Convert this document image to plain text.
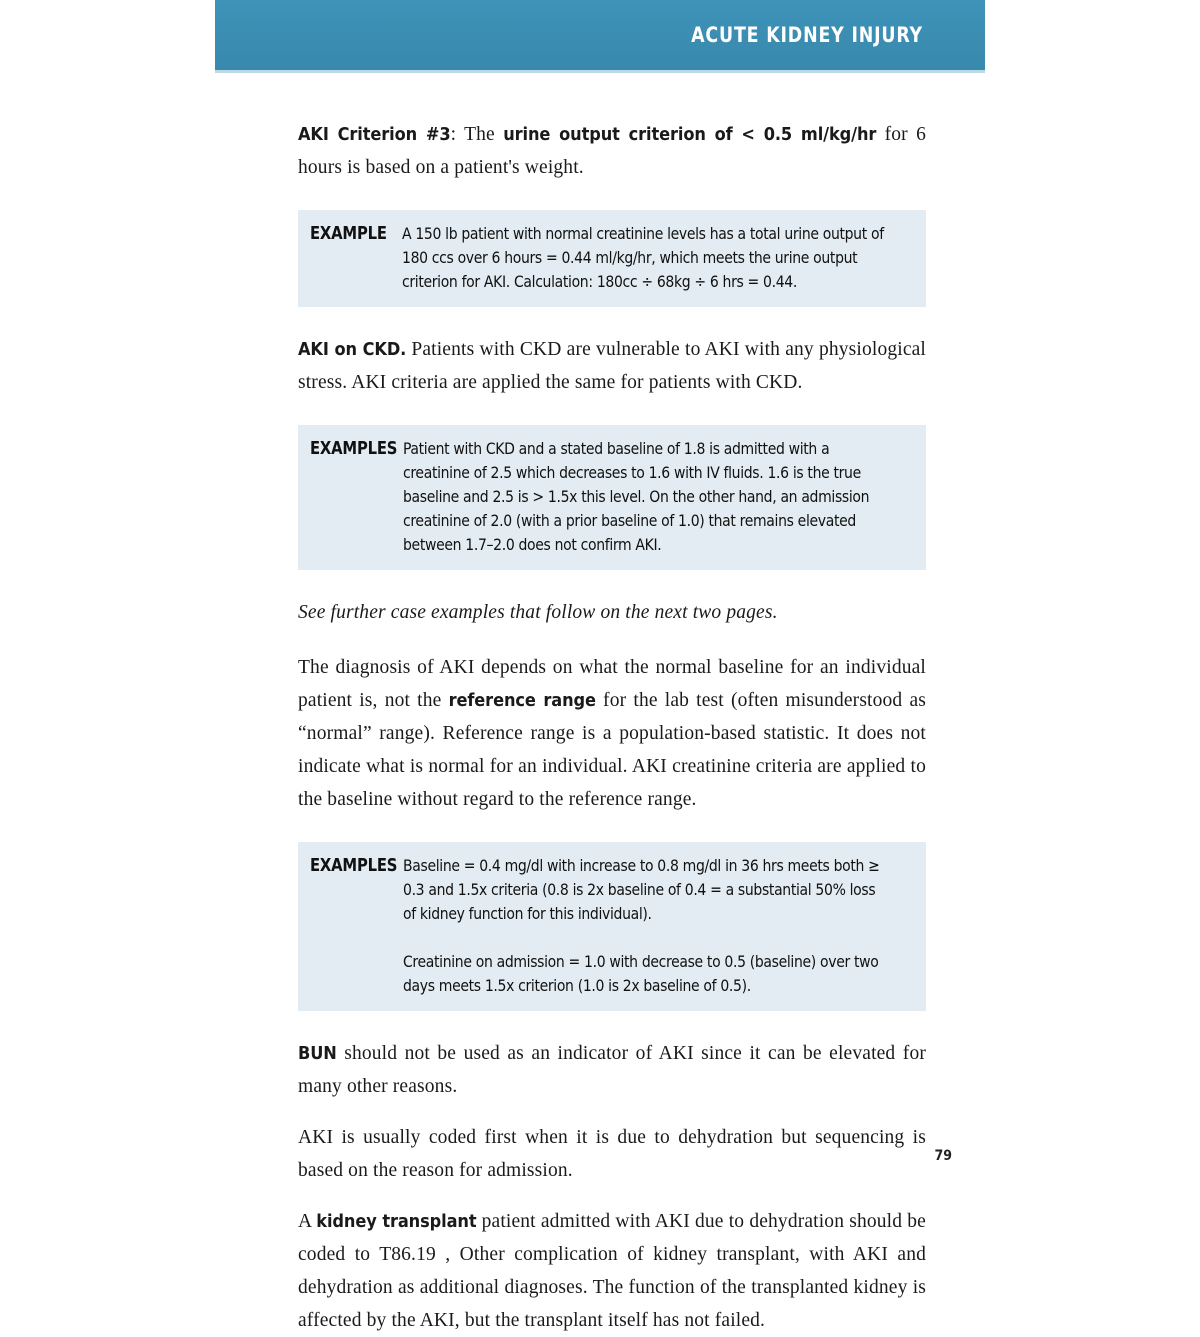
ACUTE KIDNEY INJURY

AKI Criterion #3: The urine output criterion of < 0.5 ml/kg/hr for 6 hours is based on a patient's weight.

EXAMPLE A 150 lb patient with normal creatinine levels has a total urine output of 180 ccs over 6 hours = 0.44 ml/kg/hr, which meets the urine output criterion for AKI. Calculation: 180cc ÷ 68kg ÷ 6 hrs = 0.44.

AKI on CKD. Patients with CKD are vulnerable to AKI with any physiological stress. AKI criteria are applied the same for patients with CKD.

EXAMPLES Patient with CKD and a stated baseline of 1.8 is admitted with a creatinine of 2.5 which decreases to 1.6 with IV fluids. 1.6 is the true baseline and 2.5 is > 1.5x this level. On the other hand, an admission creatinine of 2.0 (with a prior baseline of 1.0) that remains elevated between 1.7–2.0 does not confirm AKI.

See further case examples that follow on the next two pages.

The diagnosis of AKI depends on what the normal baseline for an individual patient is, not the reference range for the lab test (often misunderstood as “normal” range). Reference range is a population-based statistic. It does not indicate what is normal for an individual. AKI creatinine criteria are applied to the baseline without regard to the reference range.

EXAMPLES Baseline = 0.4 mg/dl with increase to 0.8 mg/dl in 36 hrs meets both ≥ 0.3 and 1.5x criteria (0.8 is 2x baseline of 0.4 = a substantial 50% loss of kidney function for this individual).
Creatinine on admission = 1.0 with decrease to 0.5 (baseline) over two days meets 1.5x criterion (1.0 is 2x baseline of 0.5).

BUN should not be used as an indicator of AKI since it can be elevated for many other reasons.

AKI is usually coded first when it is due to dehydration but sequencing is based on the reason for admission.

A kidney transplant patient admitted with AKI due to dehydration should be coded to T86.19 , Other complication of kidney transplant, with AKI and dehydration as additional diagnoses. The function of the transplanted kidney is affected by the AKI, but the transplant itself has not failed.

79
